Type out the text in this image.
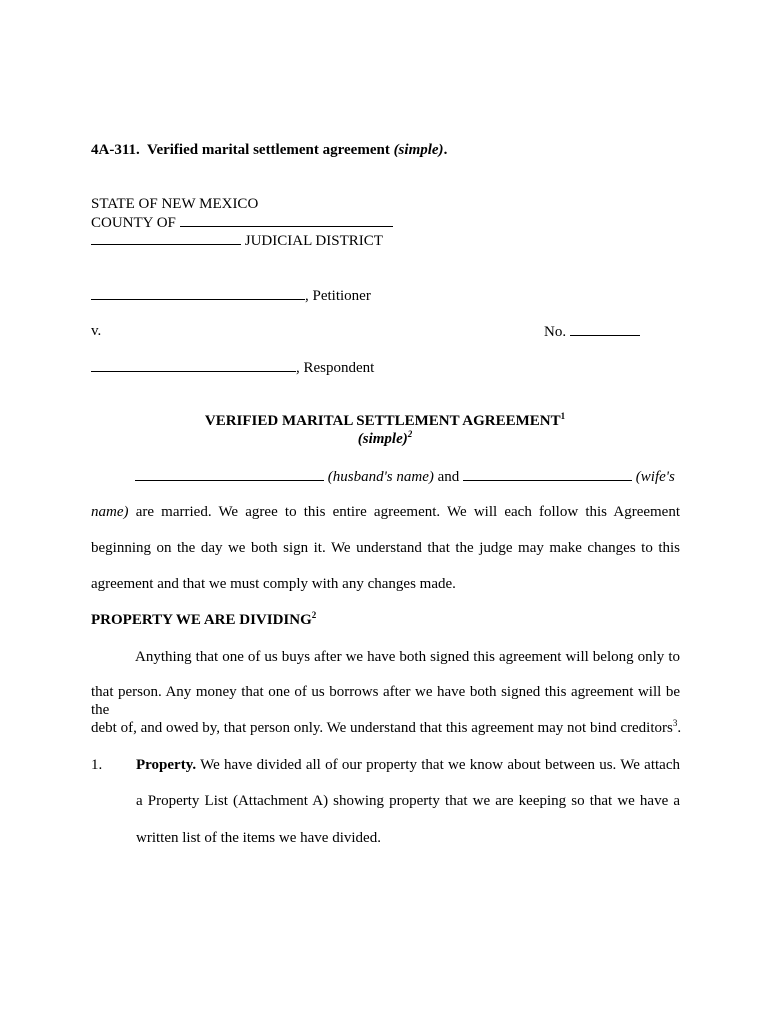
4A-311. Verified marital settlement agreement (simple).
STATE OF NEW MEXICO
COUNTY OF
JUDICIAL DISTRICT
, Petitioner
v.	No.
, Respondent
VERIFIED MARITAL SETTLEMENT AGREEMENT$^1$
(simple)$^2$
(husband's name) and	(wife's
name) are married. We agree to this entire agreement. We will each follow this Agreement
beginning on the day we both sign it. We understand that the judge may make changes to this
agreement and that we must comply with any changes made.
PROPERTY WE ARE DIVIDING$^2$
Anything that one of us buys after we have both signed this agreement will belong only to
that person. Any money that one of us borrows after we have both signed this agreement will be the
debt of, and owed by, that person only. We understand that this agreement may not bind creditors$^3$.
1. Property. We have divided all of our property that we know about between us. We attach
a Property List (Attachment A) showing property that we are keeping so that we have a
written list of the items we have divided.
